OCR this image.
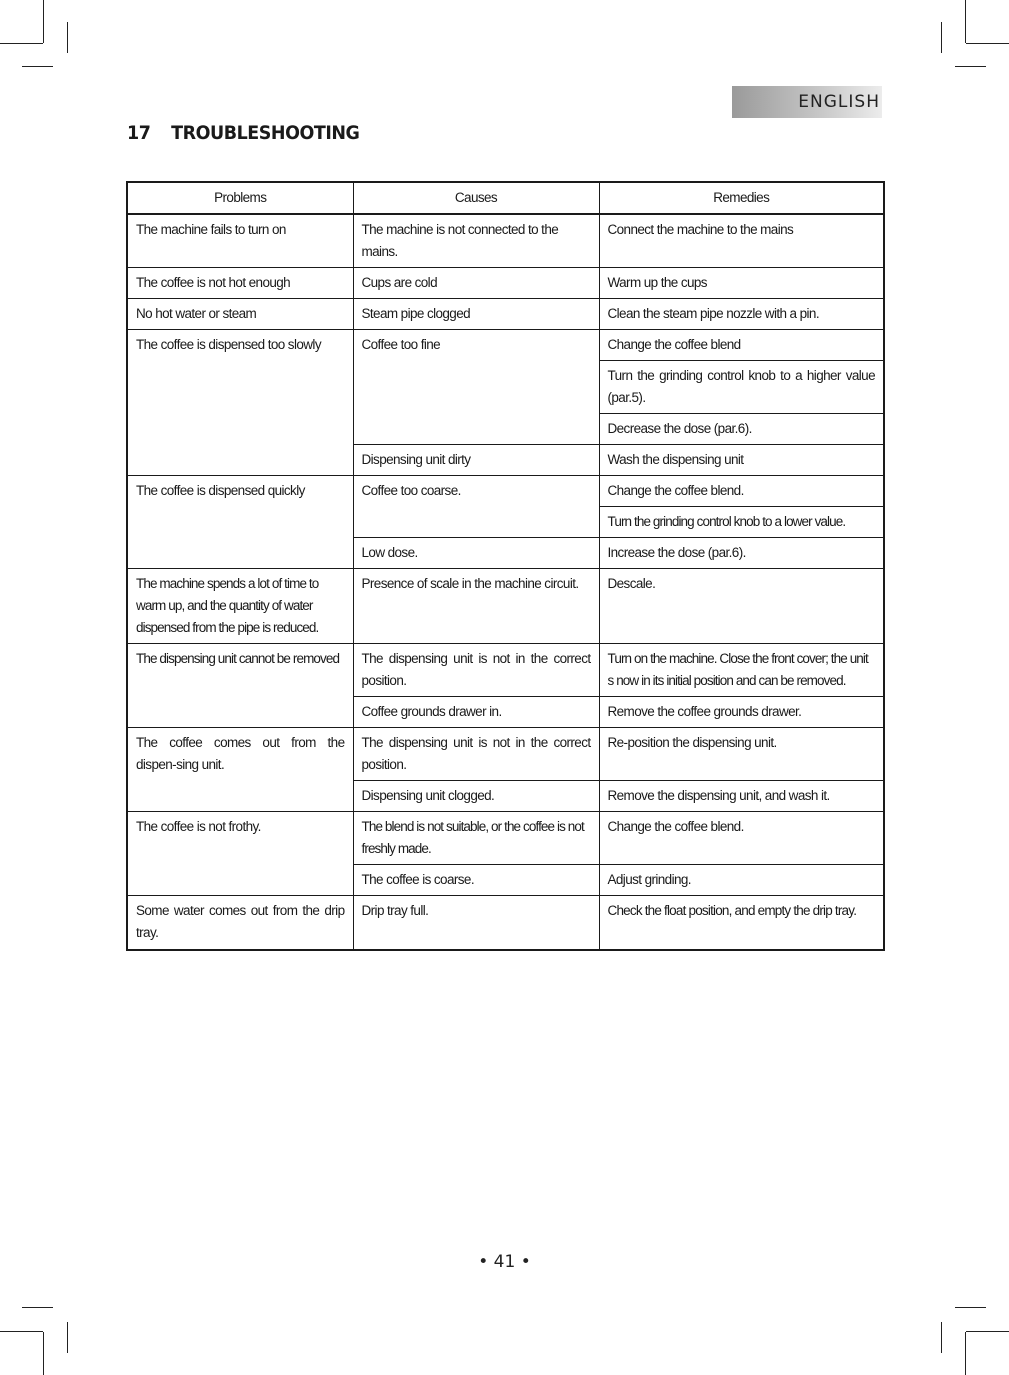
ENGLISH
17 TROUBLESHOOTING
Problems	Causes	Remedies

The machine fails to turn on	The machine is not connected to the mains.	Connect the machine to the mains

The coffee is not hot enough	Cups are cold	Warm up the cups

No hot water or steam	Steam pipe clogged	Clean the steam pipe nozzle with a pin.

The coffee is dispensed too slowly	Coffee too fine	Change the coffee blend

		Turn the grinding control knob to a higher value (par.5).

		Decrease the dose (par.6).

	Dispensing unit dirty	Wash the dispensing unit

The coffee is dispensed quickly	Coffee too coarse.	Change the coffee blend.

		Turn the grinding control knob to a lower value.

	Low dose.	Increase the dose (par.6).

The machine spends a lot of time to warm up, and the quantity of water dispensed from the pipe is reduced.	Presence of scale in the machine circuit.	Descale.

The dispensing unit cannot be removed	The dispensing unit is not in the correct position.	Turn on the machine. Close the front cover; the unit s now in its initial position and can be removed.

	Coffee grounds drawer in.	Remove the coffee grounds drawer.

The coffee comes out from the dispen-sing unit.	The dispensing unit is not in the correct position.	Re-position the dispensing unit.

	Dispensing unit clogged.	Remove the dispensing unit, and wash it.

The coffee is not frothy.	The blend is not suitable, or the coffee is not freshly made.	Change the coffee blend.

	The coffee is coarse.	Adjust grinding.

Some water comes out from the drip tray.	Drip tray full.	Check the float position, and empty the drip tray.
• 41 •
